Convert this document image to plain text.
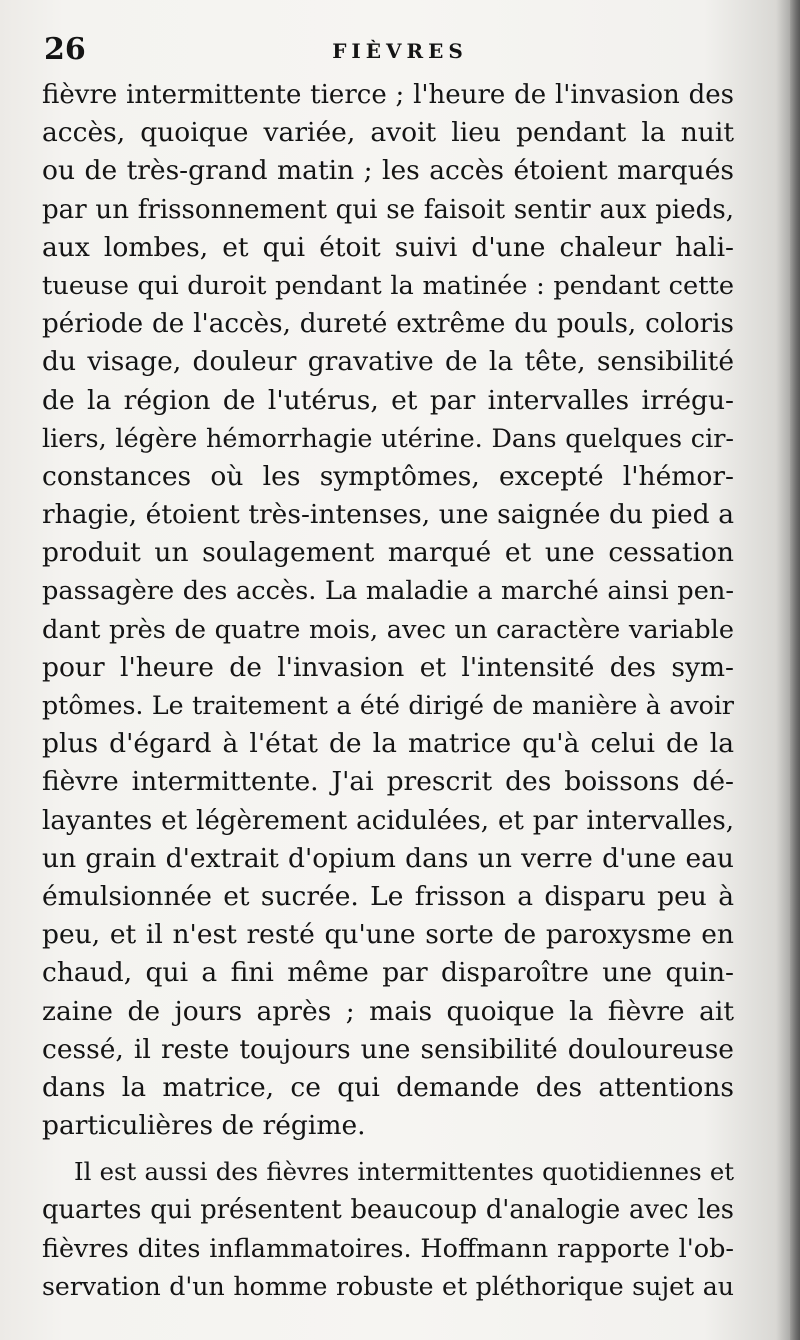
26	FIÈVRES
fièvre intermittente tierce ; l'heure de l'invasion des
accès, quoique variée, avoit lieu pendant la nuit
ou de très-grand matin ; les accès étoient marqués
par un frissonnement qui se faisoit sentir aux pieds,
aux lombes, et qui étoit suivi d'une chaleur hali-
tueuse qui duroit pendant la matinée : pendant cette
période de l'accès, dureté extrême du pouls, coloris
du visage, douleur gravative de la tête, sensibilité
de la région de l'utérus, et par intervalles irrégu-
liers, légère hémorrhagie utérine. Dans quelques cir-
constances où les symptômes, excepté l'hémor-
rhagie, étoient très-intenses, une saignée du pied a
produit un soulagement marqué et une cessation
passagère des accès. La maladie a marché ainsi pen-
dant près de quatre mois, avec un caractère variable
pour l'heure de l'invasion et l'intensité des sym-
ptômes. Le traitement a été dirigé de manière à avoir
plus d'égard à l'état de la matrice qu'à celui de la
fièvre intermittente. J'ai prescrit des boissons dé-
layantes et légèrement acidulées, et par intervalles,
un grain d'extrait d'opium dans un verre d'une eau
émulsionnée et sucrée. Le frisson a disparu peu à
peu, et il n'est resté qu'une sorte de paroxysme en
chaud, qui a fini même par disparoître une quin-
zaine de jours après ; mais quoique la fièvre ait
cessé, il reste toujours une sensibilité douloureuse
dans la matrice, ce qui demande des attentions
particulières de régime.
Il est aussi des fièvres intermittentes quotidiennes et
quartes qui présentent beaucoup d'analogie avec les
fièvres dites inflammatoires. Hoffmann rapporte l'ob-
servation d'un homme robuste et pléthorique sujet au
